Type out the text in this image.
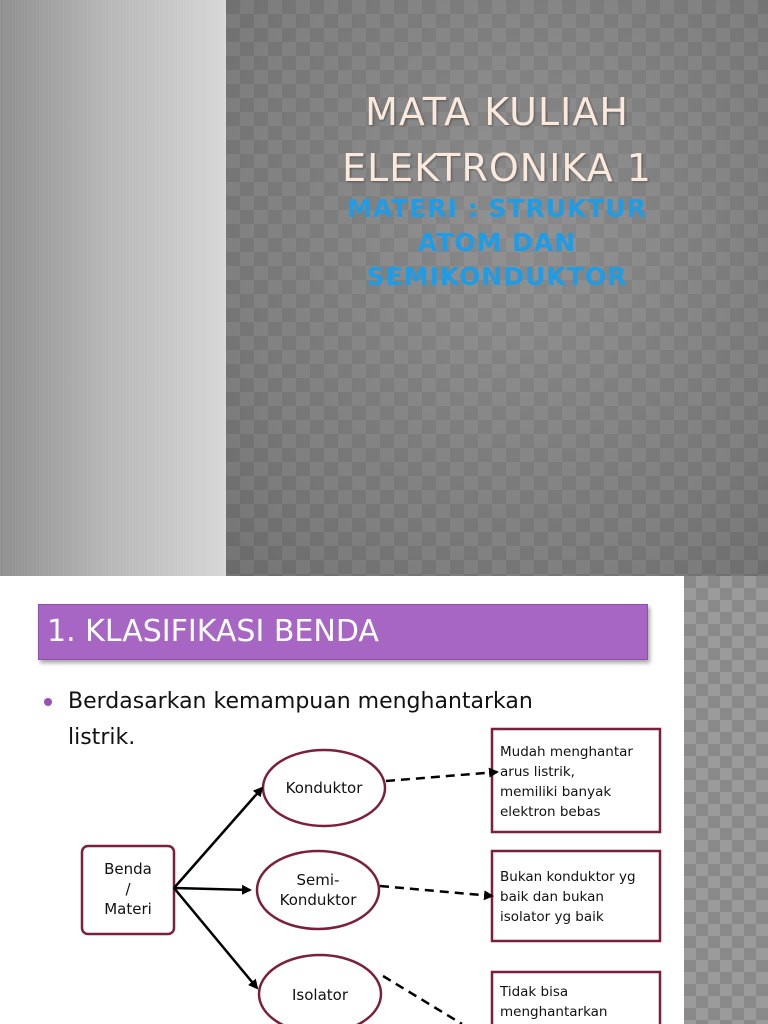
MATA KULIAH
ELEKTRONIKA 1
MATERI : STRUKTUR
ATOM DAN
SEMIKONDUKTOR
1. KLASIFIKASI BENDA
Berdasarkan kemampuan menghantarkan
listrik.
Benda
/
Materi
Konduktor
Semi-
Konduktor
Isolator
Mudah menghantar
arus listrik,
memiliki banyak
elektron bebas
Bukan konduktor yg
baik dan bukan
isolator yg baik
Tidak bisa
menghantarkan
